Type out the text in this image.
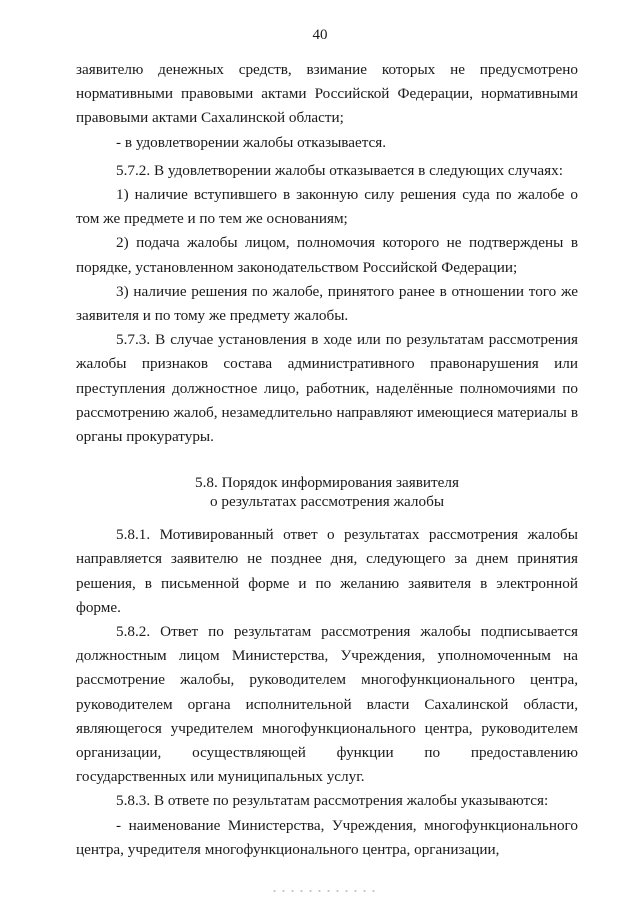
40

заявителю денежных средств, взимание которых не предусмотрено нормативными правовыми актами Российской Федерации, нормативными правовыми актами Сахалинской области;

- в удовлетворении жалобы отказывается.

5.7.2. В удовлетворении жалобы отказывается в следующих случаях:

1) наличие вступившего в законную силу решения суда по жалобе о том же предмете и по тем же основаниям;

2) подача жалобы лицом, полномочия которого не подтверждены в порядке, установленном законодательством Российской Федерации;

3) наличие решения по жалобе, принятого ранее в отношении того же заявителя и по тому же предмету жалобы.

5.7.3. В случае установления в ходе или по результатам рассмотрения жалобы признаков состава административного правонарушения или преступления должностное лицо, работник, наделённые полномочиями по рассмотрению жалоб, незамедлительно направляют имеющиеся материалы в органы прокуратуры.

5.8. Порядок информирования заявителя
о результатах рассмотрения жалобы

5.8.1. Мотивированный ответ о результатах рассмотрения жалобы направляется заявителю не позднее дня, следующего за днем принятия решения, в письменной форме и по желанию заявителя в электронной форме.

5.8.2. Ответ по результатам рассмотрения жалобы подписывается должностным лицом Министерства, Учреждения, уполномоченным на рассмотрение жалобы, руководителем многофункционального центра, руководителем органа исполнительной власти Сахалинской области, являющегося учредителем многофункционального центра, руководителем организации, осуществляющей функции по предоставлению государственных или муниципальных услуг.

5.8.3. В ответе по результатам рассмотрения жалобы указываются:

- наименование Министерства, Учреждения, многофункционального центра, учредителя многофункционального центра, организации,
